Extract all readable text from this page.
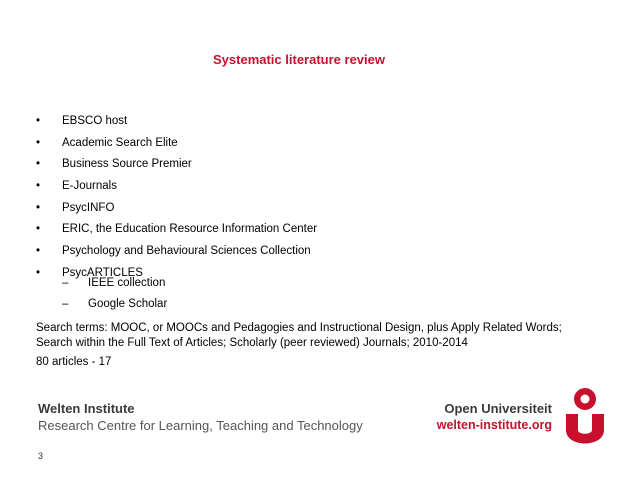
Systematic literature review
• EBSCO host
• Academic Search Elite
• Business Source Premier
• E-Journals
• PsycINFO
• ERIC, the Education Resource Information Center
• Psychology and Behavioural Sciences Collection
• PsycARTICLES
– IEEE collection
– Google Scholar
Search terms: MOOC, or MOOCs and Pedagogies and Instructional Design, plus Apply Related Words; Search within the Full Text of Articles; Scholarly (peer reviewed) Journals; 2010-2014
80 articles - 17
Welten Institute
Research Centre for Learning, Teaching and Technology
Open Universiteit
welten-institute.org
3
